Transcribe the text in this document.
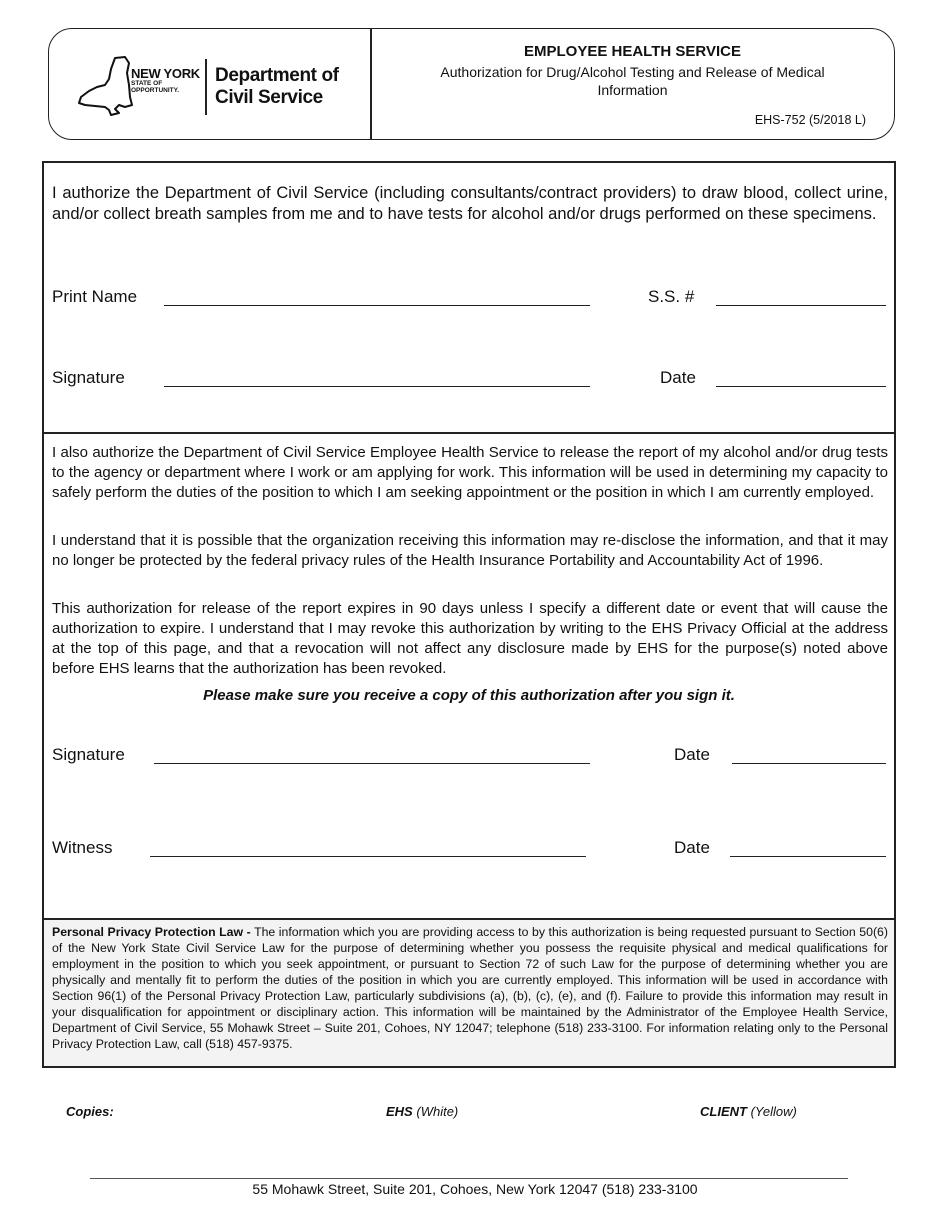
NEW YORK
STATE OF
OPPORTUNITY.
Department of
Civil Service
EMPLOYEE HEALTH SERVICE
Authorization for Drug/Alcohol Testing and Release of Medical Information
EHS-752 (5/2018 L)
I authorize the Department of Civil Service (including consultants/contract providers) to draw blood, collect urine, and/or collect breath samples from me and to have tests for alcohol and/or drugs performed on these specimens.
Print Name	S.S. #
Signature	Date

I also authorize the Department of Civil Service Employee Health Service to release the report of my alcohol and/or drug tests to the agency or department where I work or am applying for work. This information will be used in determining my capacity to safely perform the duties of the position to which I am seeking appointment or the position in which I am currently employed.

I understand that it is possible that the organization receiving this information may re-disclose the information, and that it may no longer be protected by the federal privacy rules of the Health Insurance Portability and Accountability Act of 1996.

This authorization for release of the report expires in 90 days unless I specify a different date or event that will cause the authorization to expire. I understand that I may revoke this authorization by writing to the EHS Privacy Official at the address at the top of this page, and that a revocation will not affect any disclosure made by EHS for the purpose(s) noted above before EHS learns that the authorization has been revoked.

Please make sure you receive a copy of this authorization after you sign it.
Signature	Date
Witness	Date
Personal Privacy Protection Law - The information which you are providing access to by this authorization is being requested pursuant to Section 50(6) of the New York State Civil Service Law for the purpose of determining whether you possess the requisite physical and medical qualifications for employment in the position to which you seek appointment, or pursuant to Section 72 of such Law for the purpose of determining whether you are physically and mentally fit to perform the duties of the position in which you are currently employed. This information will be used in accordance with Section 96(1) of the Personal Privacy Protection Law, particularly subdivisions (a), (b), (c), (e), and (f). Failure to provide this information may result in your disqualification for appointment or disciplinary action. This information will be maintained by the Administrator of the Employee Health Service, Department of Civil Service, 55 Mohawk Street – Suite 201, Cohoes, NY 12047; telephone (518) 233-3100. For information relating only to the Personal Privacy Protection Law, call (518) 457-9375.
Copies:	EHS (White)	CLIENT (Yellow)
55 Mohawk Street, Suite 201, Cohoes, New York 12047 (518) 233-3100
